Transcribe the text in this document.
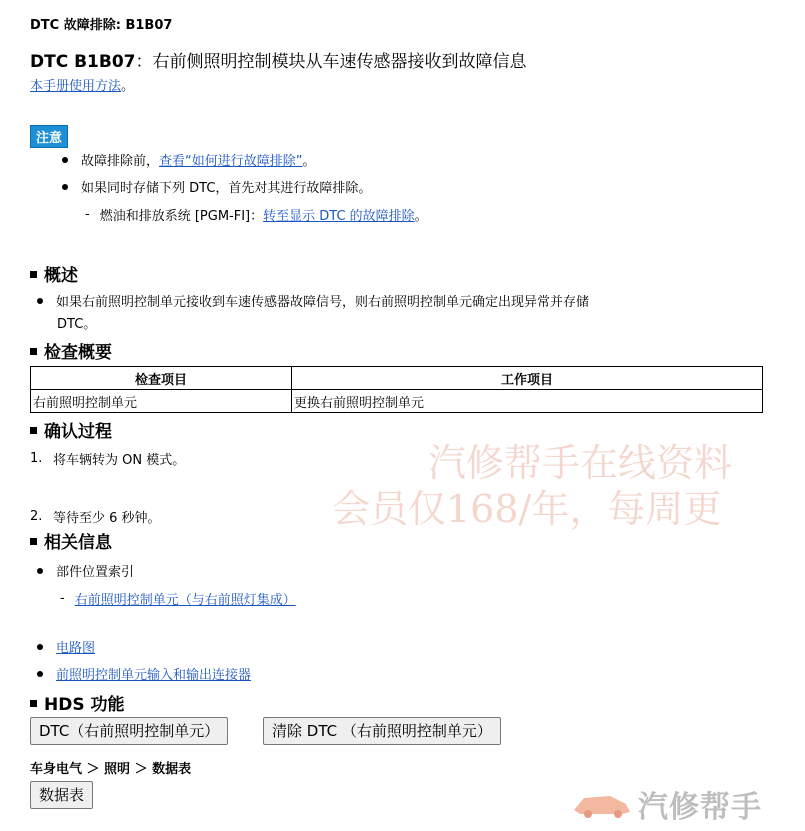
DTC 故障排除: B1B07
DTC B1B07：右前侧照明控制模块从车速传感器接收到故障信息
本手册使用方法。
注意
故障排除前， 查看“如何进行故障排除” 。
如果同时存储下列 DTC，首先对其进行故障排除。
- 燃油和排放系统 [PGM-FI]： 转至显示 DTC 的故障排除 。
概述
如果右前照明控制单元接收到车速传感器故障信号，则右前照明控制单元确定出现异常并存储
DTC。
检查概要
检查项目	工作项目
右前照明控制单元	更换右前照明控制单元
确认过程
1. 将车辆转为 ON 模式。
2. 等待至少 6 秒钟。
相关信息
部件位置索引
- 右前照明控制单元（与右前照灯集成）
电路图
前照明控制单元输入和输出连接器
HDS 功能
DTC（右前照明控制单元）	清除 DTC （右前照明控制单元）
车身电气 ＞ 照明 ＞ 数据表
数据表
汽修帮手在线资料
会员仅168/年，每周更
汽修帮手
